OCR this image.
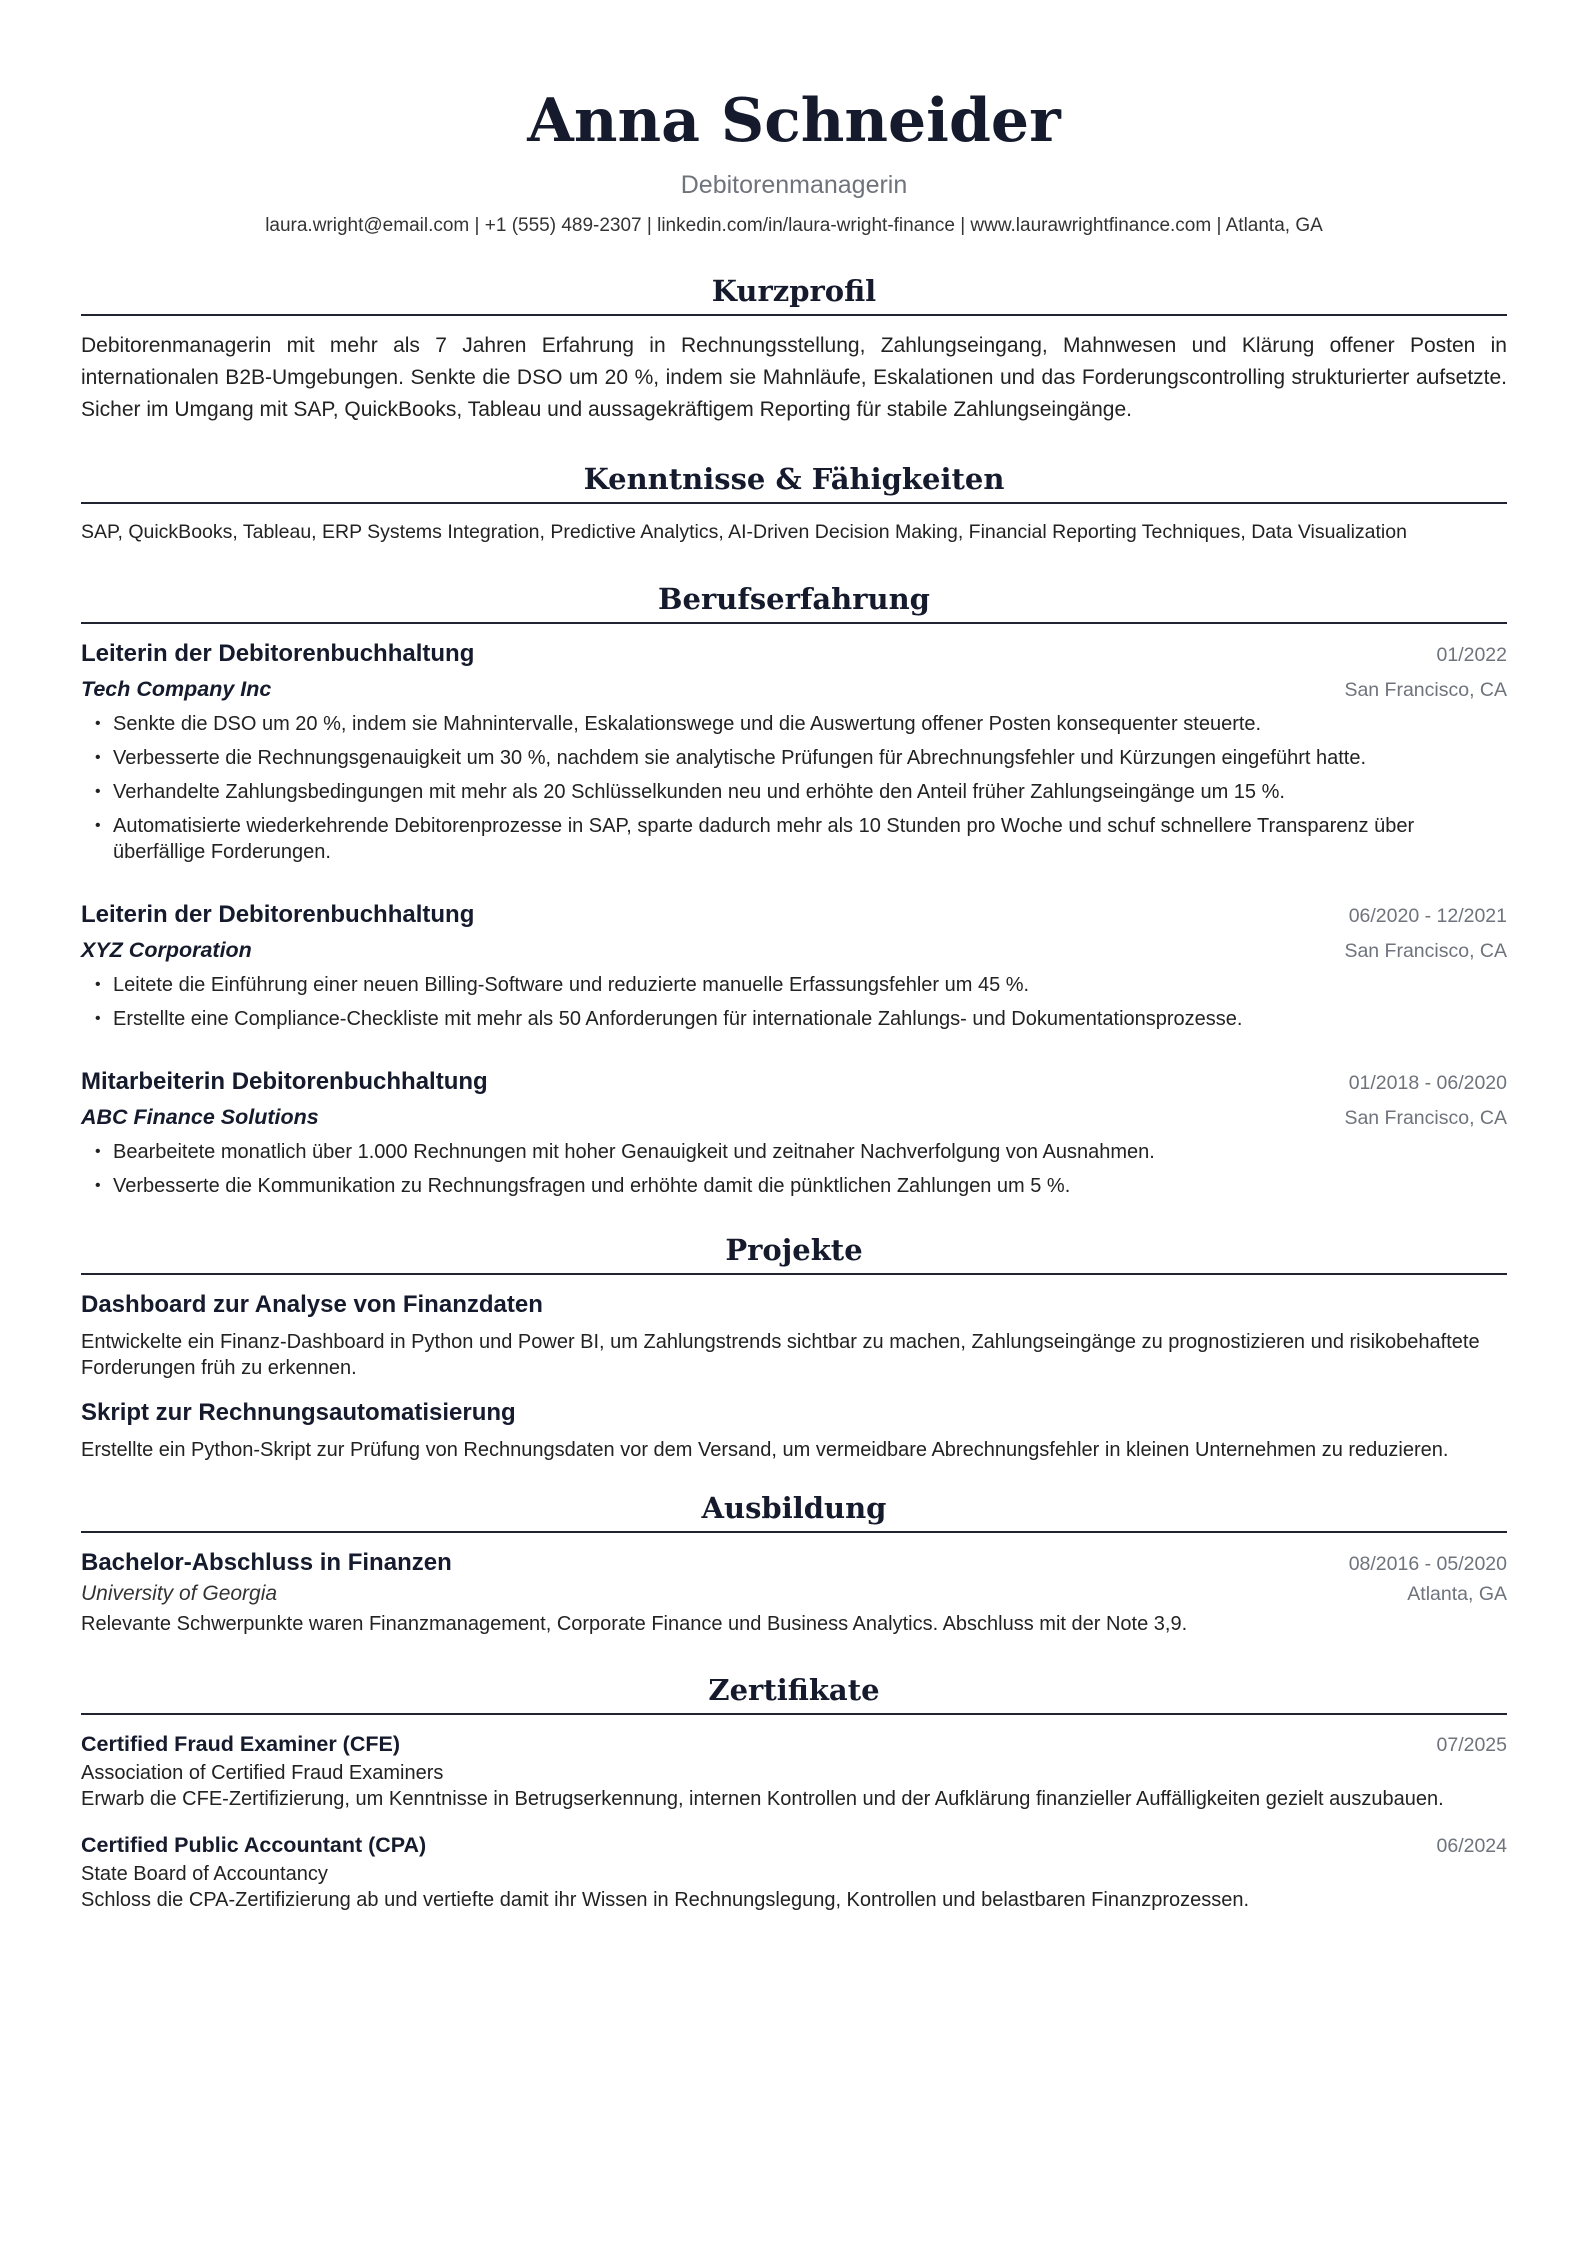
Anna Schneider
Debitorenmanagerin
laura.wright@email.com | +1 (555) 489-2307 | linkedin.com/in/laura-wright-finance | www.laurawrightfinance.com | Atlanta, GA
Kurzprofil

Debitorenmanagerin mit mehr als 7 Jahren Erfahrung in Rechnungsstellung, Zahlungseingang, Mahnwesen und Klärung offener Posten in internationalen B2B-Umgebungen. Senkte die DSO um 20 %, indem sie Mahnläufe, Eskalationen und das Forderungscontrolling strukturierter aufsetzte. Sicher im Umgang mit SAP, QuickBooks, Tableau und aussagekräftigem Reporting für stabile Zahlungseingänge.

Kenntnisse & Fähigkeiten

SAP, QuickBooks, Tableau, ERP Systems Integration, Predictive Analytics, AI-Driven Decision Making, Financial Reporting Techniques, Data Visualization

Berufserfahrung
Leiterin der Debitorenbuchhaltung	01/2022
Tech Company Inc	San Francisco, CA
• Senkte die DSO um 20 %, indem sie Mahnintervalle, Eskalationswege und die Auswertung offener Posten konsequenter steuerte.
• Verbesserte die Rechnungsgenauigkeit um 30 %, nachdem sie analytische Prüfungen für Abrechnungsfehler und Kürzungen eingeführt hatte.
• Verhandelte Zahlungsbedingungen mit mehr als 20 Schlüsselkunden neu und erhöhte den Anteil früher Zahlungseingänge um 15 %.
• Automatisierte wiederkehrende Debitorenprozesse in SAP, sparte dadurch mehr als 10 Stunden pro Woche und schuf schnellere Transparenz über überfällige Forderungen.
Leiterin der Debitorenbuchhaltung	06/2020 - 12/2021
XYZ Corporation	San Francisco, CA
• Leitete die Einführung einer neuen Billing-Software und reduzierte manuelle Erfassungsfehler um 45 %.
• Erstellte eine Compliance-Checkliste mit mehr als 50 Anforderungen für internationale Zahlungs- und Dokumentationsprozesse.
Mitarbeiterin Debitorenbuchhaltung	01/2018 - 06/2020
ABC Finance Solutions	San Francisco, CA
• Bearbeitete monatlich über 1.000 Rechnungen mit hoher Genauigkeit und zeitnaher Nachverfolgung von Ausnahmen.
• Verbesserte die Kommunikation zu Rechnungsfragen und erhöhte damit die pünktlichen Zahlungen um 5 %.
Projekte
Dashboard zur Analyse von Finanzdaten

Entwickelte ein Finanz-Dashboard in Python und Power BI, um Zahlungstrends sichtbar zu machen, Zahlungseingänge zu prognostizieren und risikobehaftete Forderungen früh zu erkennen.

Skript zur Rechnungsautomatisierung

Erstellte ein Python-Skript zur Prüfung von Rechnungsdaten vor dem Versand, um vermeidbare Abrechnungsfehler in kleinen Unternehmen zu reduzieren.

Ausbildung
Bachelor-Abschluss in Finanzen	08/2016 - 05/2020
University of Georgia	Atlanta, GA
Relevante Schwerpunkte waren Finanzmanagement, Corporate Finance und Business Analytics. Abschluss mit der Note 3,9.
Zertifikate
Certified Fraud Examiner (CFE)	07/2025
Association of Certified Fraud Examiners
Erwarb die CFE-Zertifizierung, um Kenntnisse in Betrugserkennung, internen Kontrollen und der Aufklärung finanzieller Auffälligkeiten gezielt auszubauen.
Certified Public Accountant (CPA)	06/2024
State Board of Accountancy
Schloss die CPA-Zertifizierung ab und vertiefte damit ihr Wissen in Rechnungslegung, Kontrollen und belastbaren Finanzprozessen.
